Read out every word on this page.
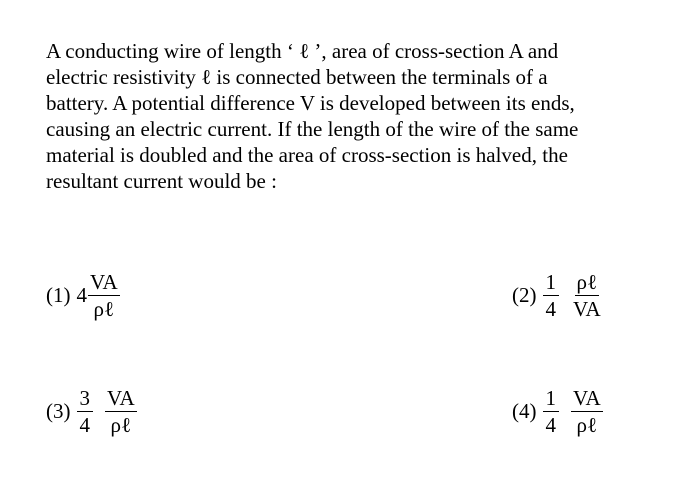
A conducting wire of length ‘ ℓ ’, area of cross-section A and

electric resistivity ℓ is connected between the terminals of a

battery. A potential difference V is developed between its ends,

causing an electric current. If the length of the wire of the same

material is doubled and the area of cross-section is halved, the

resultant current would be :

(1) $4 \frac{VA}{\text{ρℓ}}$	$(2) \frac{1}{4} \frac{\text{ρℓ}}{VA}$
$(3) \frac{3}{4} \frac{VA}{\text{ρℓ}}$	$(4) \frac{1}{4} \frac{VA}{\text{ρℓ}}$
